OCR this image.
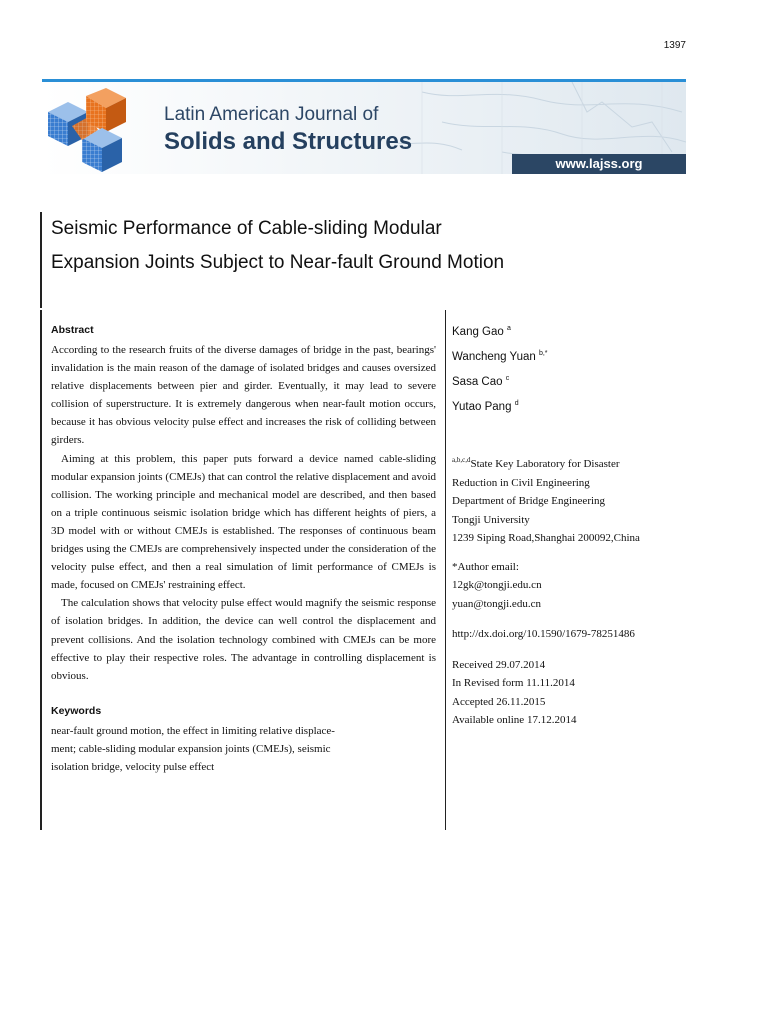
1397
Latin American Journal of
Solids and Structures
www.lajss.org
Seismic Performance of Cable-sliding Modular
Expansion Joints Subject to Near-fault Ground Motion
Abstract

According to the research fruits of the diverse damages of bridge in the past, bearings' invalidation is the main reason of the damage of isolated bridges and causes oversized relative displacements between pier and girder. Eventually, it may lead to severe collision of superstructure. It is extremely dangerous when near-fault motion occurs, because it has obvious velocity pulse effect and increases the risk of colliding between girders.

Aiming at this problem, this paper puts forward a device named cable-sliding modular expansion joints (CMEJs) that can control the relative displacement and avoid collision. The working principle and mechanical model are described, and then based on a triple continuous seismic isolation bridge which has different heights of piers, a 3D model with or without CMEJs is established. The responses of continuous beam bridges using the CMEJs are comprehensively inspected under the consideration of the velocity pulse effect, and then a real simulation of limit performance of CMEJs is made, focused on CMEJs' restraining effect.

The calculation shows that velocity pulse effect would magnify the seismic response of isolation bridges. In addition, the device can well control the displacement and prevent collisions. And the isolation technology combined with CMEJs can be more effective to play their respective roles. The advantage in controlling displacement is obvious.

Keywords
near-fault ground motion, the effect in limiting relative displace-
ment; cable-sliding modular expansion joints (CMEJs), seismic
isolation bridge, velocity pulse effect
Kang Gao $^a$
Wancheng Yuan $^{b,*}$
Sasa Cao $^c$
Yutao Pang $^d$
$^{a,b,c,d}$State Key Laboratory for Disaster
Reduction in Civil Engineering
Department of Bridge Engineering
Tongji University
1239 Siping Road,Shanghai 200092,China
*Author email:
12gk@tongji.edu.cn
yuan@tongji.edu.cn
http://dx.doi.org/10.1590/1679-78251486
Received 29.07.2014
In Revised form 11.11.2014
Accepted 26.11.2015
Available online 17.12.2014
